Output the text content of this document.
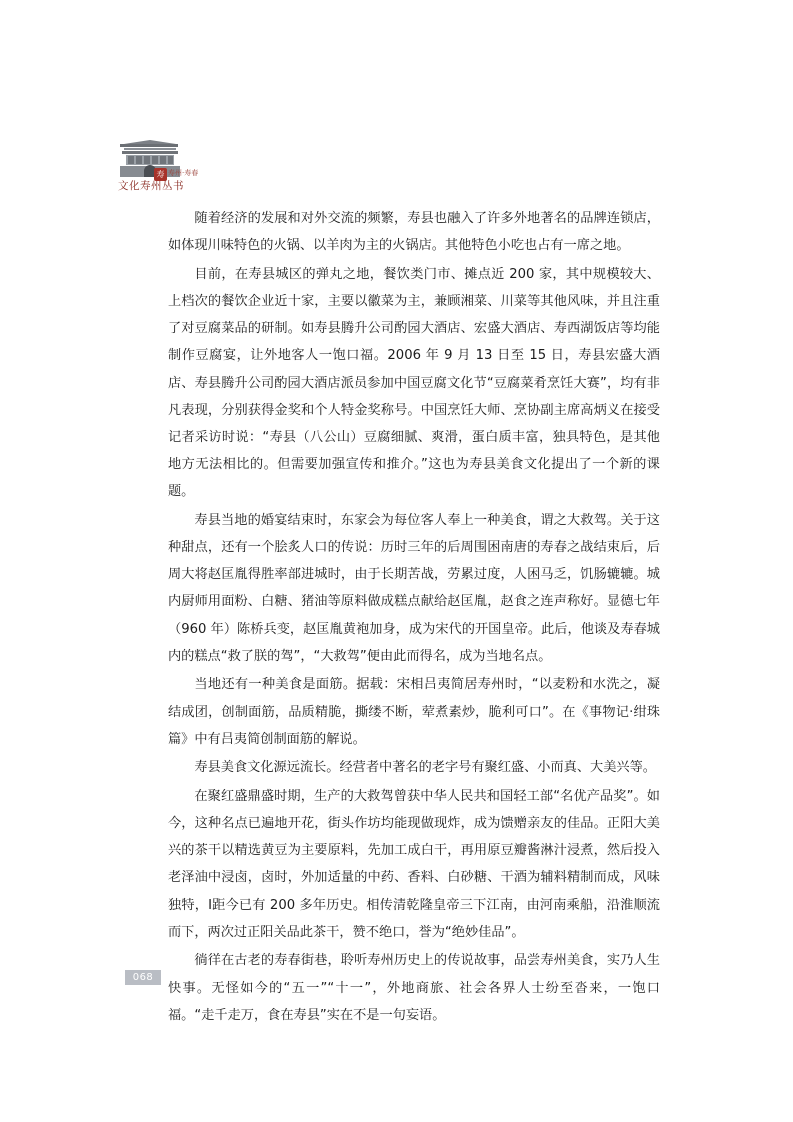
寿 寿州·寿春
文化寿州丛书

随着经济的发展和对外交流的频繁，寿县也融入了许多外地著名的品牌连锁店，如体现川味特色的火锅、以羊肉为主的火锅店。其他特色小吃也占有一席之地。

目前，在寿县城区的弹丸之地，餐饮类门市、摊点近 200 家，其中规模较大、上档次的餐饮企业近十家，主要以徽菜为主，兼顾湘菜、川菜等其他风味，并且注重了对豆腐菜品的研制。如寿县腾升公司酌园大酒店、宏盛大酒店、寿西湖饭店等均能制作豆腐宴，让外地客人一饱口福。2006 年 9 月 13 日至 15 日，寿县宏盛大酒店、寿县腾升公司酌园大酒店派员参加中国豆腐文化节“豆腐菜肴烹饪大赛”，均有非凡表现，分别获得金奖和个人特金奖称号。中国烹饪大师、烹协副主席高炳义在接受记者采访时说：“寿县（八公山）豆腐细腻、爽滑，蛋白质丰富，独具特色，是其他地方无法相比的。但需要加强宣传和推介。”这也为寿县美食文化提出了一个新的课题。

寿县当地的婚宴结束时，东家会为每位客人奉上一种美食，谓之大救驾。关于这种甜点，还有一个脍炙人口的传说：历时三年的后周围困南唐的寿春之战结束后，后周大将赵匡胤得胜率部进城时，由于长期苦战，劳累过度，人困马乏，饥肠辘辘。城内厨师用面粉、白糖、猪油等原料做成糕点献给赵匡胤，赵食之连声称好。显德七年（960 年）陈桥兵变，赵匡胤黄袍加身，成为宋代的开国皇帝。此后，他谈及寿春城内的糕点“救了朕的驾”，“大救驾”便由此而得名，成为当地名点。

当地还有一种美食是面筋。据载：宋相吕夷简居寿州时，“以麦粉和水洗之，凝结成团，创制面筋，品质精脆，撕缕不断，荤煮素炒，脆利可口”。在《事物记·绀珠篇》中有吕夷简创制面筋的解说。

寿县美食文化源远流长。经营者中著名的老字号有聚红盛、小而真、大美兴等。

在聚红盛鼎盛时期，生产的大救驾曾获中华人民共和国轻工部“名优产品奖”。如今，这种名点已遍地开花，街头作坊均能现做现炸，成为馈赠亲友的佳品。正阳大美兴的茶干以精选黄豆为主要原料，先加工成白干，再用原豆瓣酱淋汁浸煮，然后投入老泽油中浸卤，卤时，外加适量的中药、香料、白砂糖、干酒为辅料精制而成，风味独特，I距今已有 200 多年历史。相传清乾隆皇帝三下江南，由河南乘船，沿淮顺流而下，两次过正阳关品此茶干，赞不绝口，誉为“绝妙佳品”。

徜徉在古老的寿春街巷，聆听寿州历史上的传说故事，品尝寿州美食，实乃人生快事。无怪如今的“五一”“十一”，外地商旅、社会各界人士纷至沓来，一饱口福。“走千走万，食在寿县”实在不是一句妄语。

068
